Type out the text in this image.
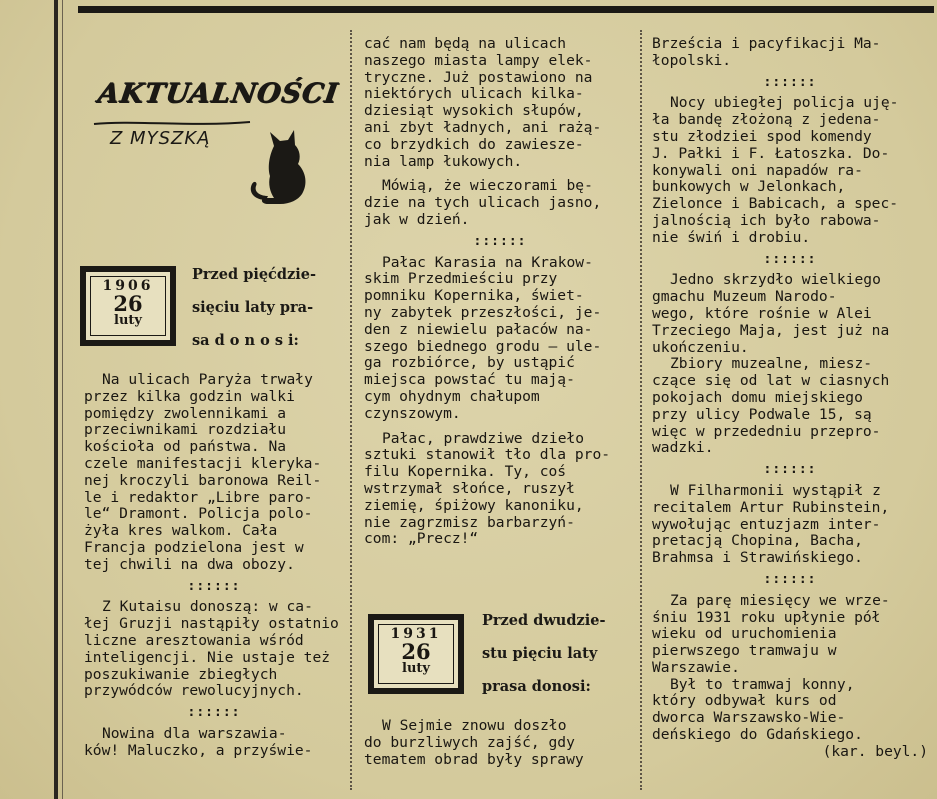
AKTUALNOŚCI
Z MYSZKĄ
1906
26
luty
Przed pięćdzie-
sięciu laty pra-
sa d o n o s i:

Na ulicach Paryża trwały
przez kilka godzin walki
pomiędzy zwolennikami a
przeciwnikami rozdziału
kościoła od państwa. Na
czele manifestacji kleryka-
nej kroczyli baronowa Reil-
le i redaktor „Libre paro-
le“ Dramont. Policja polo-
żyła kres walkom. Cała
Francja podzielona jest w
tej chwili na dwa obozy.

::::::

Z Kutaisu donoszą: w ca-
łej Gruzji nastąpiły ostatnio
liczne aresztowania wśród
inteligencji. Nie ustaje też
poszukiwanie zbiegłych
przywódców rewolucyjnych.

::::::

Nowina dla warszawia-
ków! Maluczko, a przyświe-

cać nam będą na ulicach
naszego miasta lampy elek-
tryczne. Już postawiono na
niektórych ulicach kilka-
dziesiąt wysokich słupów,
ani zbyt ładnych, ani rażą-
co brzydkich do zawiesze-
nia lamp łukowych.

Mówią, że wieczorami bę-
dzie na tych ulicach jasno,
jak w dzień.

::::::

Pałac Karasia na Krakow-
skim Przedmieściu przy
pomniku Kopernika, świet-
ny zabytek przeszłości, je-
den z niewielu pałaców na-
szego biednego grodu — ule-
ga rozbiórce, by ustąpić
miejsca powstać tu mają-
cym ohydnym chałupom
czynszowym.

Pałac, prawdziwe dzieło
sztuki stanowił tło dla pro-
filu Kopernika. Ty, coś
wstrzymał słońce, ruszył
ziemię, śpiżowy kanoniku,
nie zagrzmisz barbarzyń-
com: „Precz!“

1931
26
luty
Przed dwudzie-
stu pięciu laty
prasa donosi:

W Sejmie znowu doszło
do burzliwych zajść, gdy
tematem obrad były sprawy

Brześcia i pacyfikacji Ma-
łopolski.

::::::

Nocy ubiegłej policja uję-
ła bandę złożoną z jedena-
stu złodziei spod komendy
J. Pałki i F. Łatoszka. Do-
konywali oni napadów ra-
bunkowych w Jelonkach,
Zielonce i Babicach, a spec-
jalnością ich było rabowa-
nie świń i drobiu.

::::::

Jedno skrzydło wielkiego
gmachu Muzeum Narodo-
wego, które rośnie w Alei
Trzeciego Maja, jest już na
ukończeniu.

Zbiory muzealne, miesz-
czące się od lat w ciasnych
pokojach domu miejskiego
przy ulicy Podwale 15, są
więc w przededniu przepro-
wadzki.

::::::

W Filharmonii wystąpił z
recitalem Artur Rubinstein,
wywołując entuzjazm inter-
pretacją Chopina, Bacha,
Brahmsa i Strawińskiego.

::::::

Za parę miesięcy we wrze-
śniu 1931 roku upłynie pół
wieku od uruchomienia
pierwszego tramwaju w
Warszawie.

Był to tramwaj konny,
który odbywał kurs od
dworca Warszawsko-Wie-
deńskiego do Gdańskiego.

(kar. beyl.)
